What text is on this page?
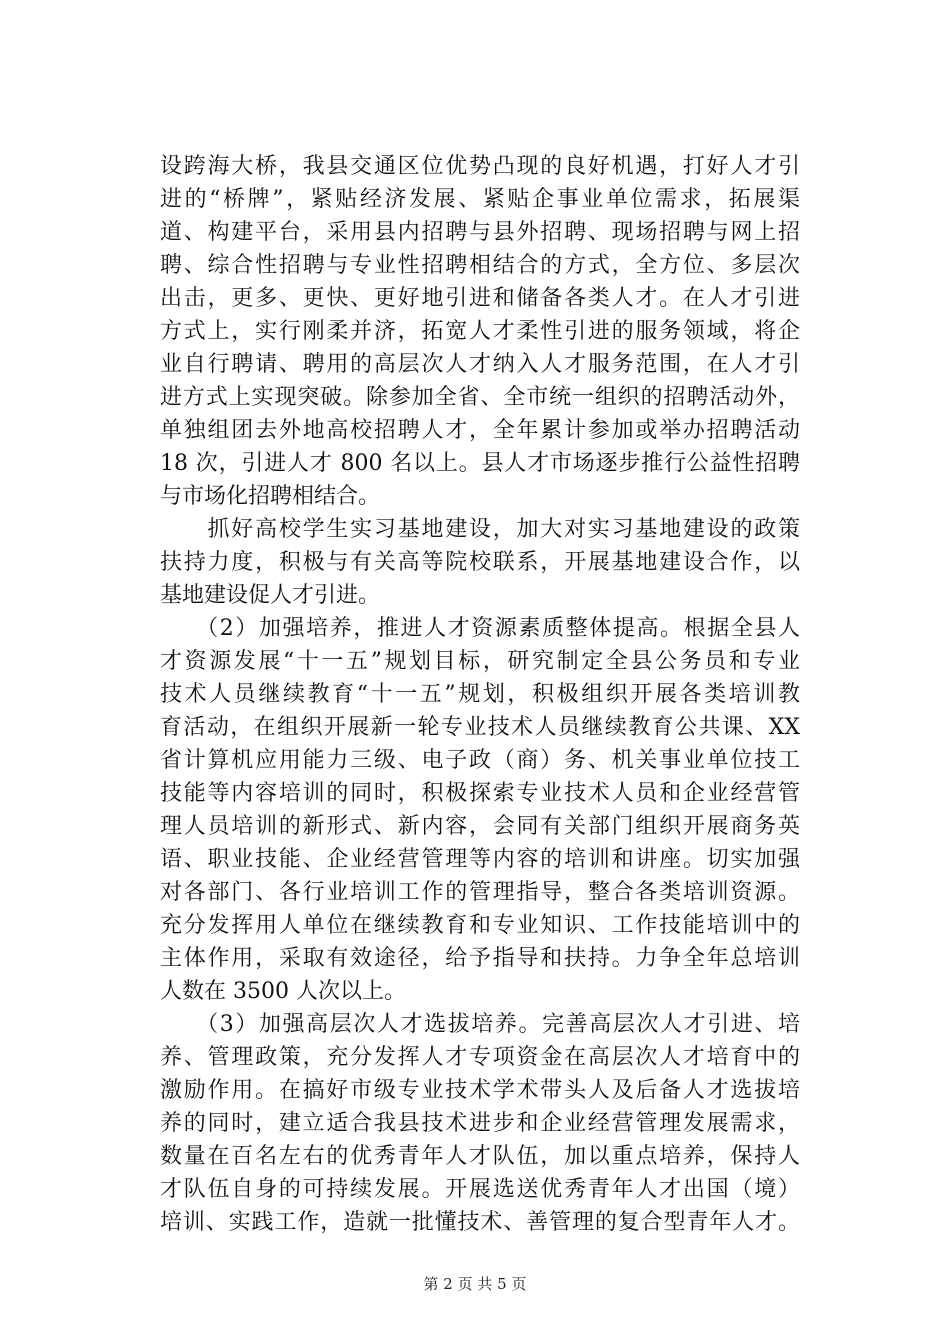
设跨海大桥，我县交通区位优势凸现的良好机遇，打好人才引
进的“桥牌”，紧贴经济发展、紧贴企事业单位需求，拓展渠
道、构建平台，采用县内招聘与县外招聘、现场招聘与网上招
聘、综合性招聘与专业性招聘相结合的方式，全方位、多层次
出击，更多、更快、更好地引进和储备各类人才。在人才引进
方式上，实行刚柔并济，拓宽人才柔性引进的服务领域，将企
业自行聘请、聘用的高层次人才纳入人才服务范围，在人才引
进方式上实现突破。除参加全省、全市统一组织的招聘活动外，
单独组团去外地高校招聘人才，全年累计参加或举办招聘活动
18 次，引进人才 800 名以上。县人才市场逐步推行公益性招聘
与市场化招聘相结合。
　　抓好高校学生实习基地建设，加大对实习基地建设的政策
扶持力度，积极与有关高等院校联系，开展基地建设合作，以
基地建设促人才引进。
　　（2）加强培养，推进人才资源素质整体提高。根据全县人
才资源发展“十一五”规划目标，研究制定全县公务员和专业
技术人员继续教育“十一五”规划，积极组织开展各类培训教
育活动，在组织开展新一轮专业技术人员继续教育公共课、XX
省计算机应用能力三级、电子政（商）务、机关事业单位技工
技能等内容培训的同时，积极探索专业技术人员和企业经营管
理人员培训的新形式、新内容，会同有关部门组织开展商务英
语、职业技能、企业经营管理等内容的培训和讲座。切实加强
对各部门、各行业培训工作的管理指导，整合各类培训资源。
充分发挥用人单位在继续教育和专业知识、工作技能培训中的
主体作用，采取有效途径，给予指导和扶持。力争全年总培训
人数在 3500 人次以上。
　　（3）加强高层次人才选拔培养。完善高层次人才引进、培
养、管理政策，充分发挥人才专项资金在高层次人才培育中的
激励作用。在搞好市级专业技术学术带头人及后备人才选拔培
养的同时，建立适合我县技术进步和企业经营管理发展需求，
数量在百名左右的优秀青年人才队伍，加以重点培养，保持人
才队伍自身的可持续发展。开展选送优秀青年人才出国（境）
培训、实践工作，造就一批懂技术、善管理的复合型青年人才。
第 2 页 共 5 页
